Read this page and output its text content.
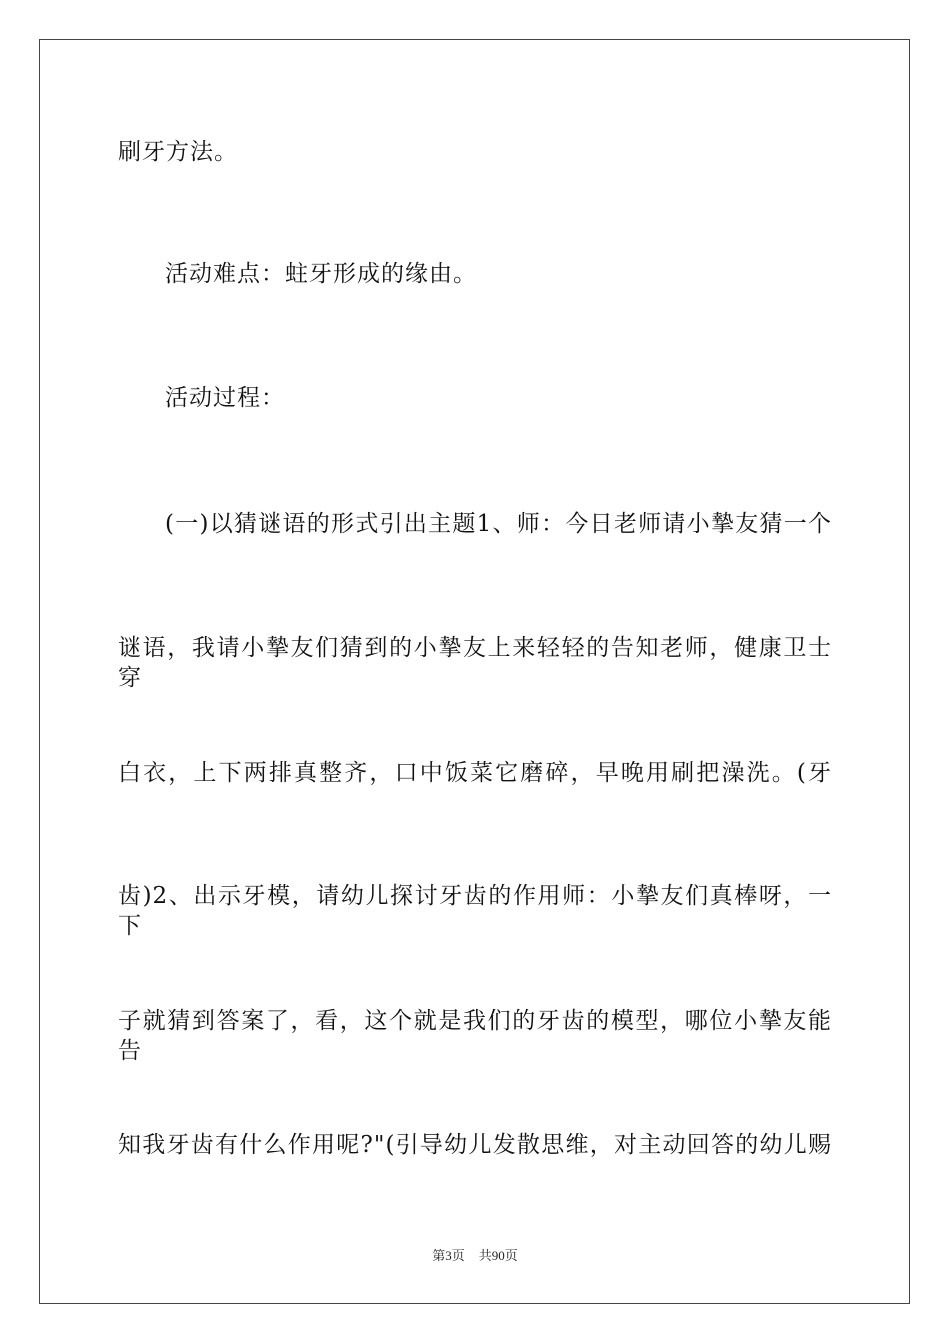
刷牙方法。
活动难点：蛀牙形成的缘由。
活动过程：
(一)以猜谜语的形式引出主题1、师：今日老师请小摯友猜一个
谜语，我请小摯友们猜到的小摯友上来轻轻的告知老师，健康卫士穿
白衣，上下两排真整齐，口中饭菜它磨碎，早晚用刷把澡洗。(牙
齿)2、出示牙模，请幼儿探讨牙齿的作用师：小摯友们真棒呀，一下
子就猜到答案了，看，这个就是我们的牙齿的模型，哪位小摯友能告
知我牙齿有什么作用呢?"(引导幼儿发散思维，对主动回答的幼儿赐
第3页 共90页
